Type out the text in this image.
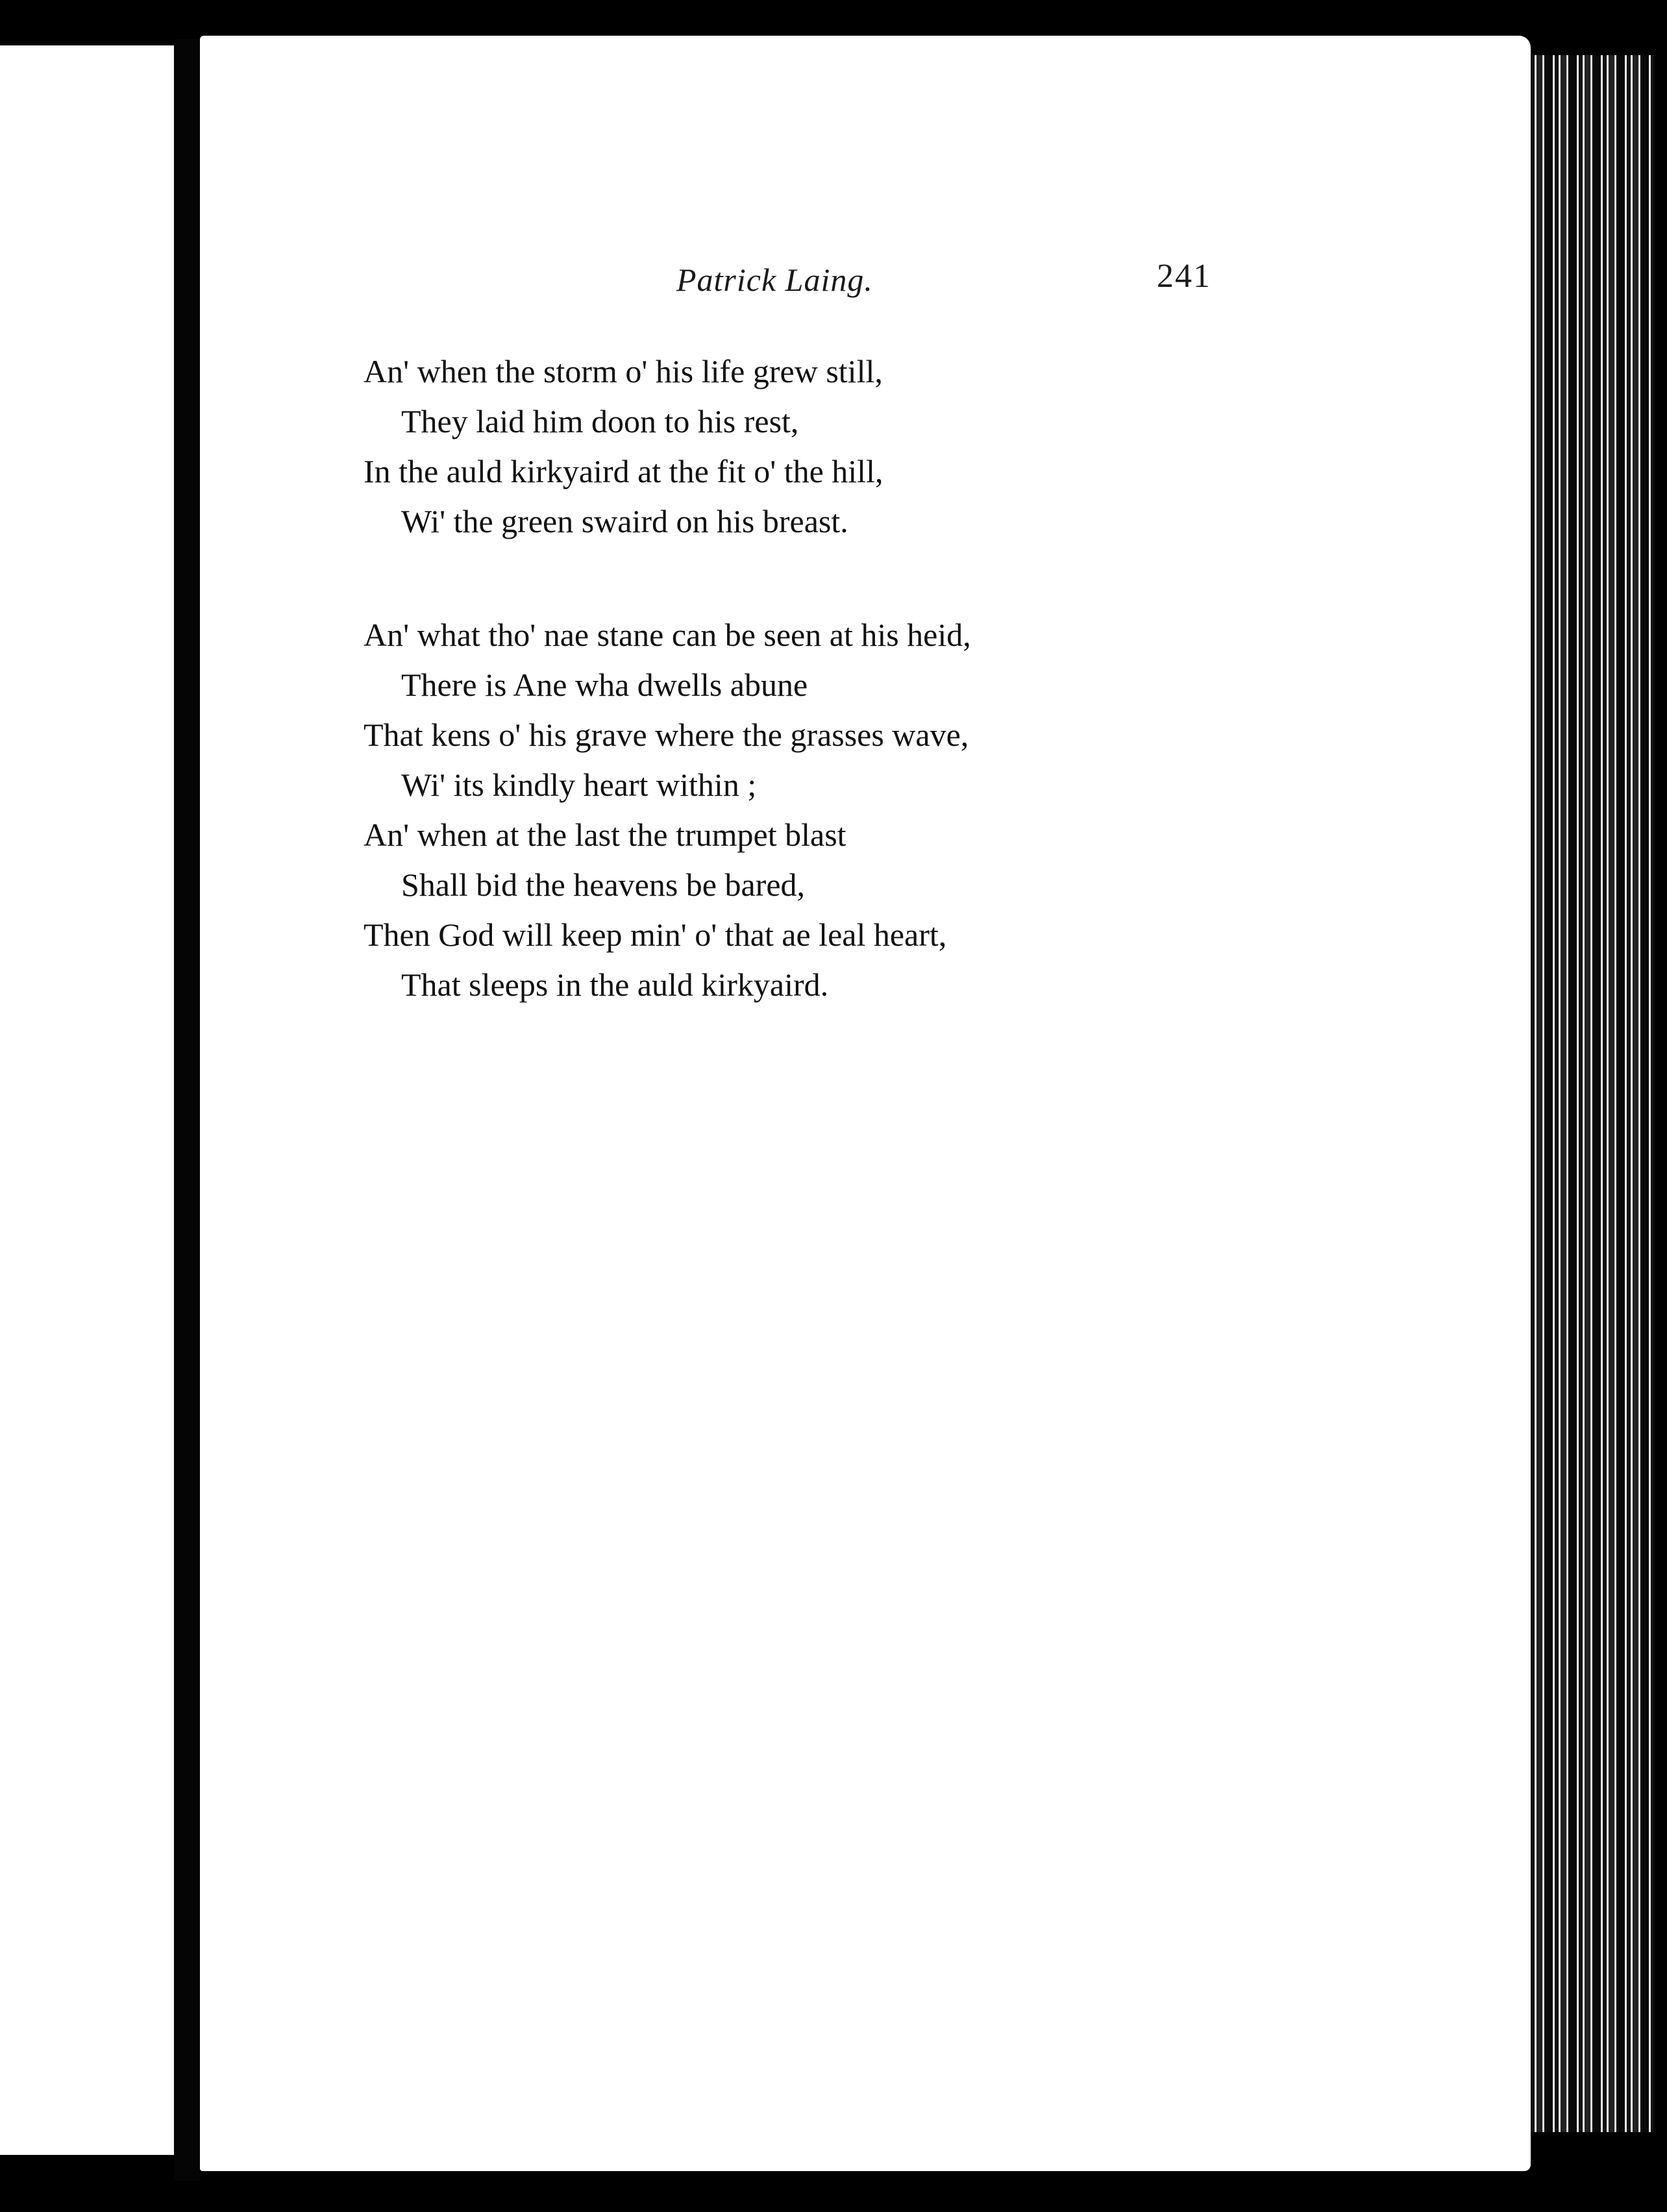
Patrick Laing.	241
An' when the storm o' his life grew still,
They laid him doon to his rest,
In the auld kirkyaird at the fit o' the hill,
Wi' the green swaird on his breast.
An' what tho' nae stane can be seen at his heid,
There is Ane wha dwells abune
That kens o' his grave where the grasses wave,
Wi' its kindly heart within ;
An' when at the last the trumpet blast
Shall bid the heavens be bared,
Then God will keep min' o' that ae leal heart,
That sleeps in the auld kirkyaird.
